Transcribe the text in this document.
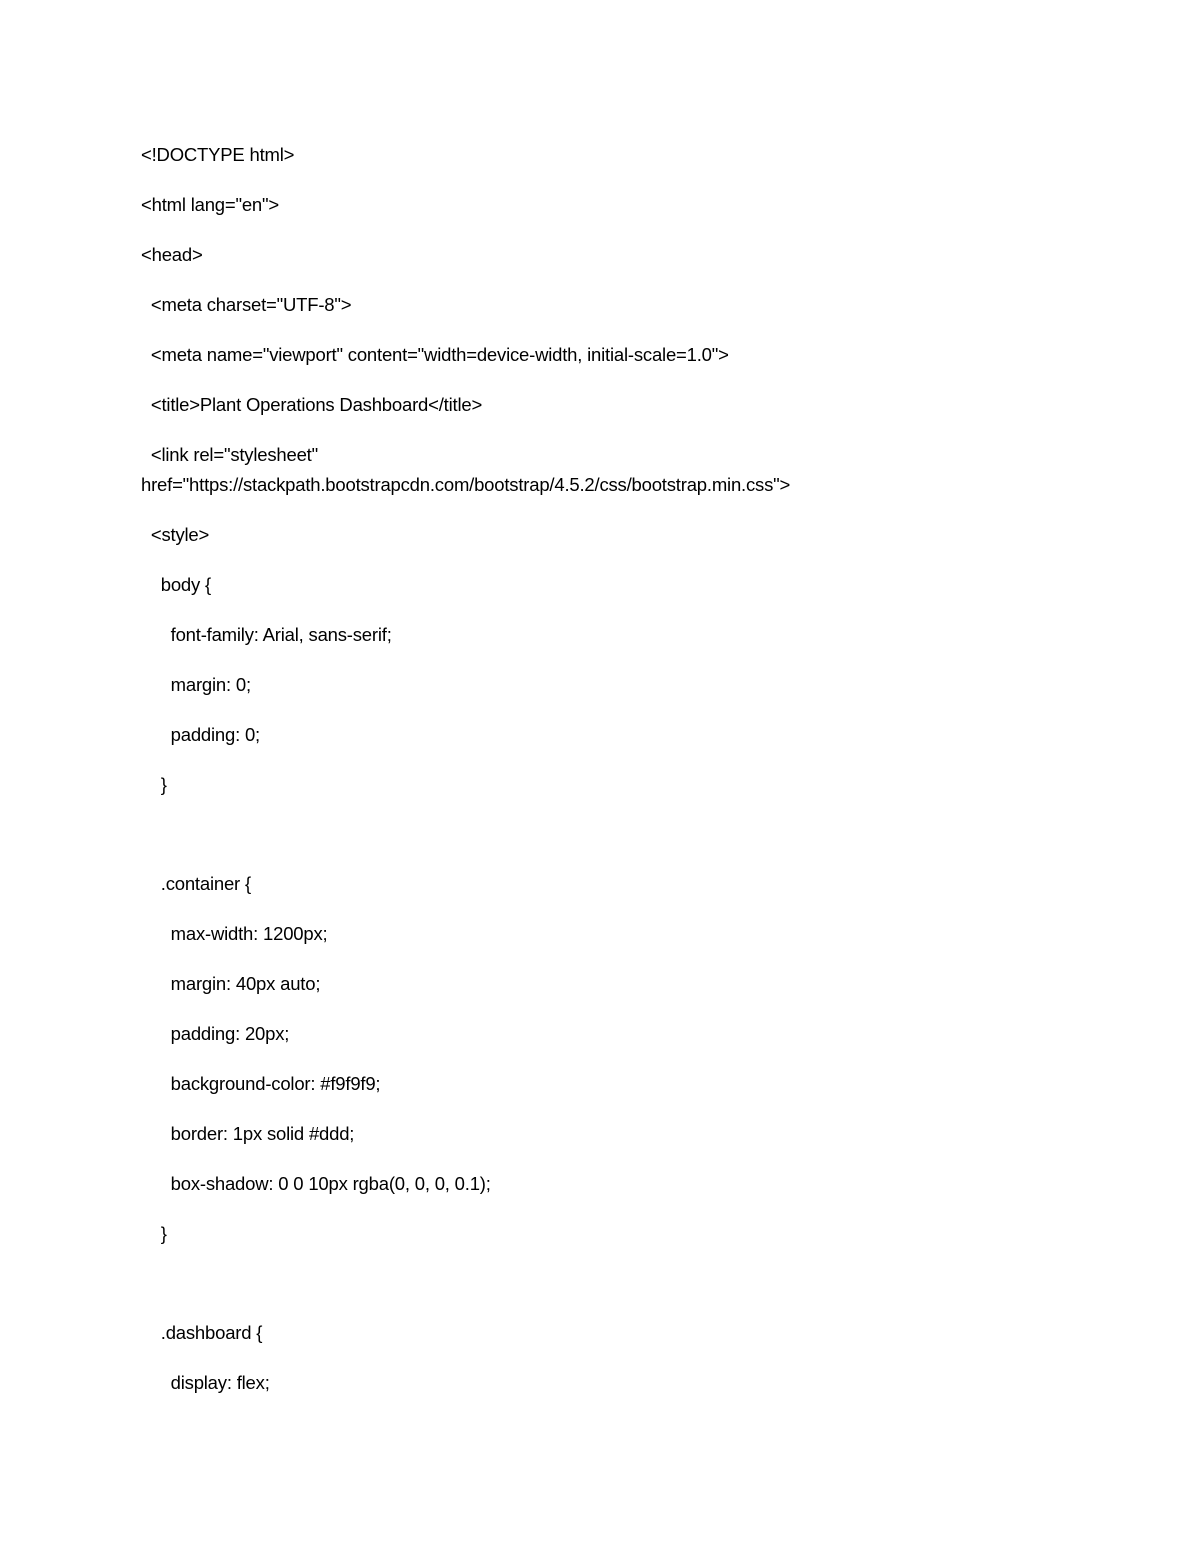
<!DOCTYPE html>
<html lang="en">
<head>
<meta charset="UTF-8">
<meta name="viewport" content="width=device-width, initial-scale=1.0">
<title>Plant Operations Dashboard</title>
<link rel="stylesheet"
href="https://stackpath.bootstrapcdn.com/bootstrap/4.5.2/css/bootstrap.min.css">
<style>
body {
font-family: Arial, sans-serif;
margin: 0;
padding: 0;
}
.container {
max-width: 1200px;
margin: 40px auto;
padding: 20px;
background-color: #f9f9f9;
border: 1px solid #ddd;
box-shadow: 0 0 10px rgba(0, 0, 0, 0.1);
}
.dashboard {
display: flex;
